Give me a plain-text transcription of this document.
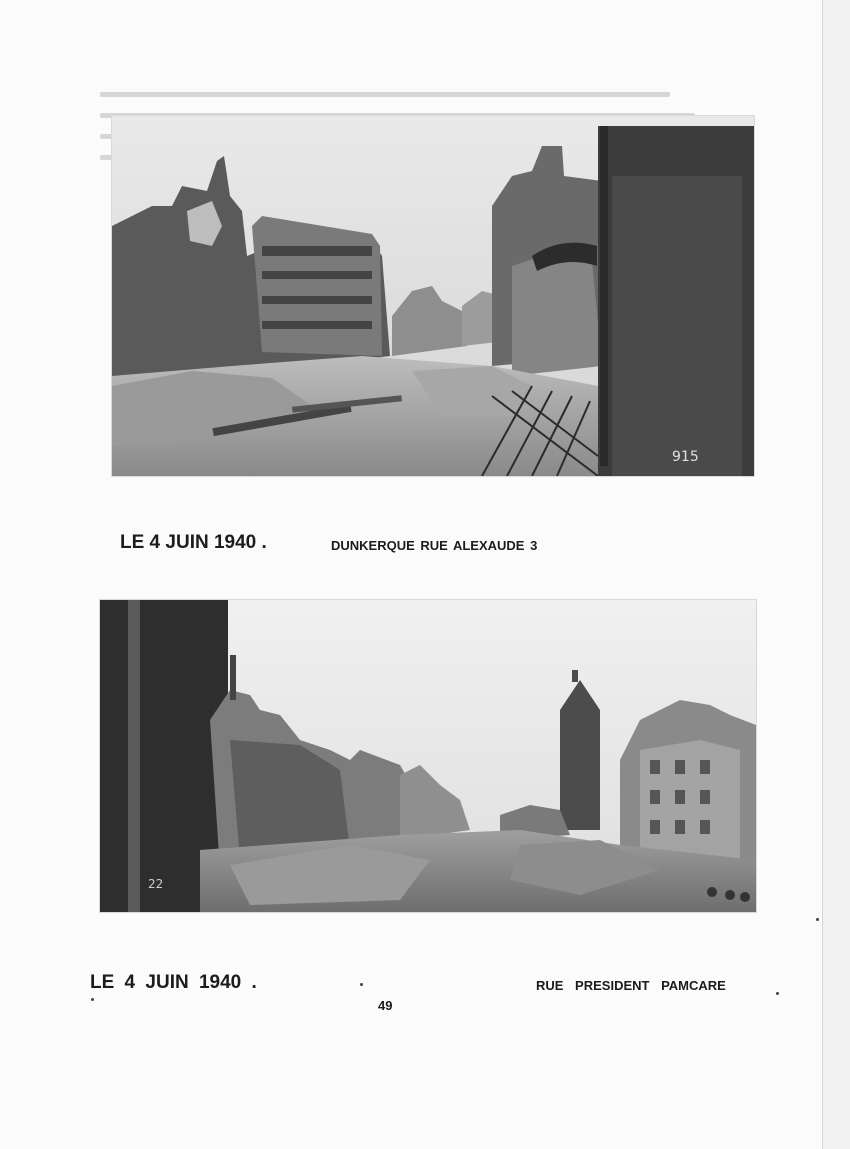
915
LE 4 JUIN 1940 .	DUNKERQUE RUE ALEXAUDE 3
22
LE 4 JUIN 1940 .	RUE PRESIDENT PAMCARE
49
